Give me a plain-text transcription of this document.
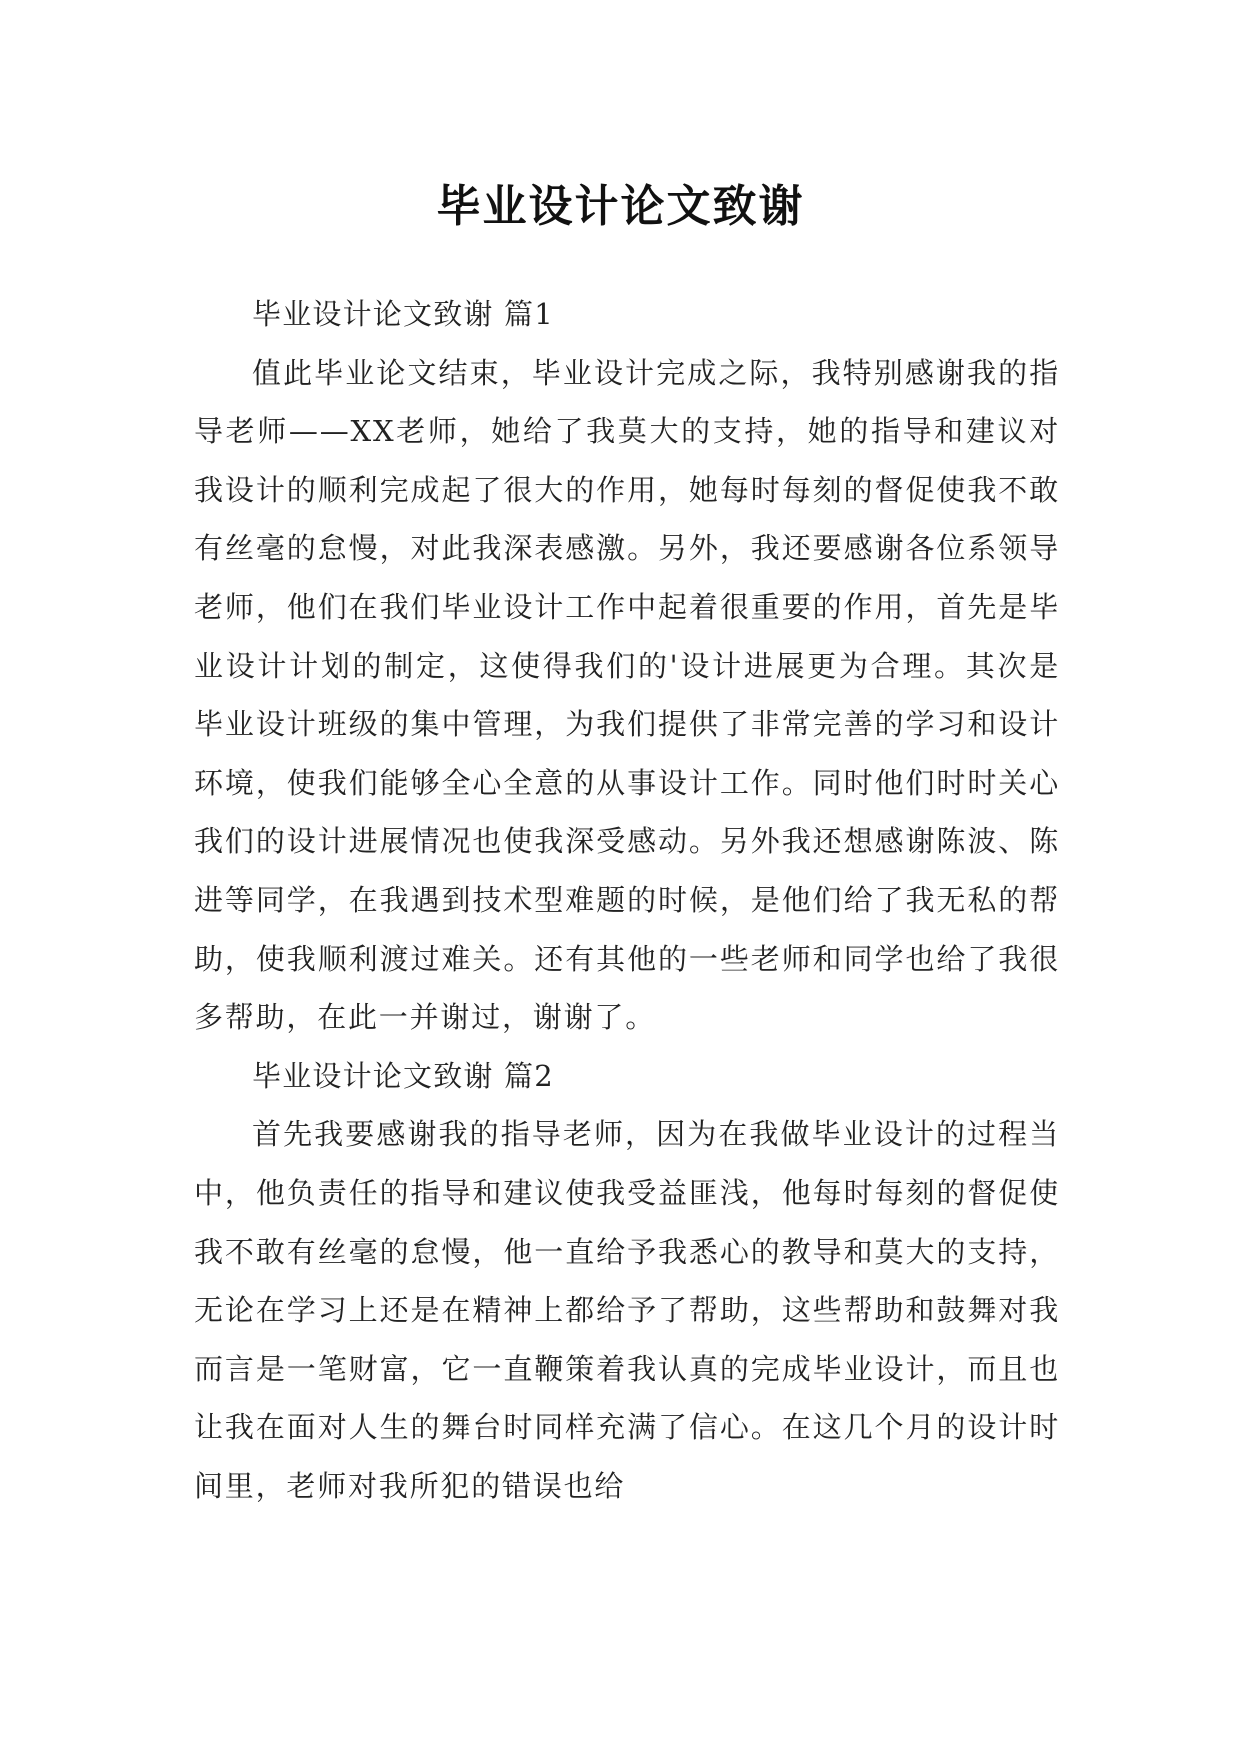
毕业设计论文致谢

毕业设计论文致谢 篇1

值此毕业论文结束，毕业设计完成之际，我特别感谢我的指导老师——XX老师，她给了我莫大的支持，她的指导和建议对我设计的顺利完成起了很大的作用，她每时每刻的督促使我不敢有丝毫的怠慢，对此我深表感激。另外，我还要感谢各位系领导老师，他们在我们毕业设计工作中起着很重要的作用，首先是毕业设计计划的制定，这使得我们的'设计进展更为合理。其次是毕业设计班级的集中管理，为我们提供了非常完善的学习和设计环境，使我们能够全心全意的从事设计工作。同时他们时时关心我们的设计进展情况也使我深受感动。另外我还想感谢陈波、陈进等同学，在我遇到技术型难题的时候，是他们给了我无私的帮助，使我顺利渡过难关。还有其他的一些老师和同学也给了我很多帮助，在此一并谢过，谢谢了。

毕业设计论文致谢 篇2

首先我要感谢我的指导老师，因为在我做毕业设计的过程当中，他负责任的指导和建议使我受益匪浅，他每时每刻的督促使我不敢有丝毫的怠慢，他一直给予我悉心的教导和莫大的支持，无论在学习上还是在精神上都给予了帮助，这些帮助和鼓舞对我而言是一笔财富，它一直鞭策着我认真的完成毕业设计，而且也让我在面对人生的舞台时同样充满了信心。在这几个月的设计时间里，老师对我所犯的错误也给
